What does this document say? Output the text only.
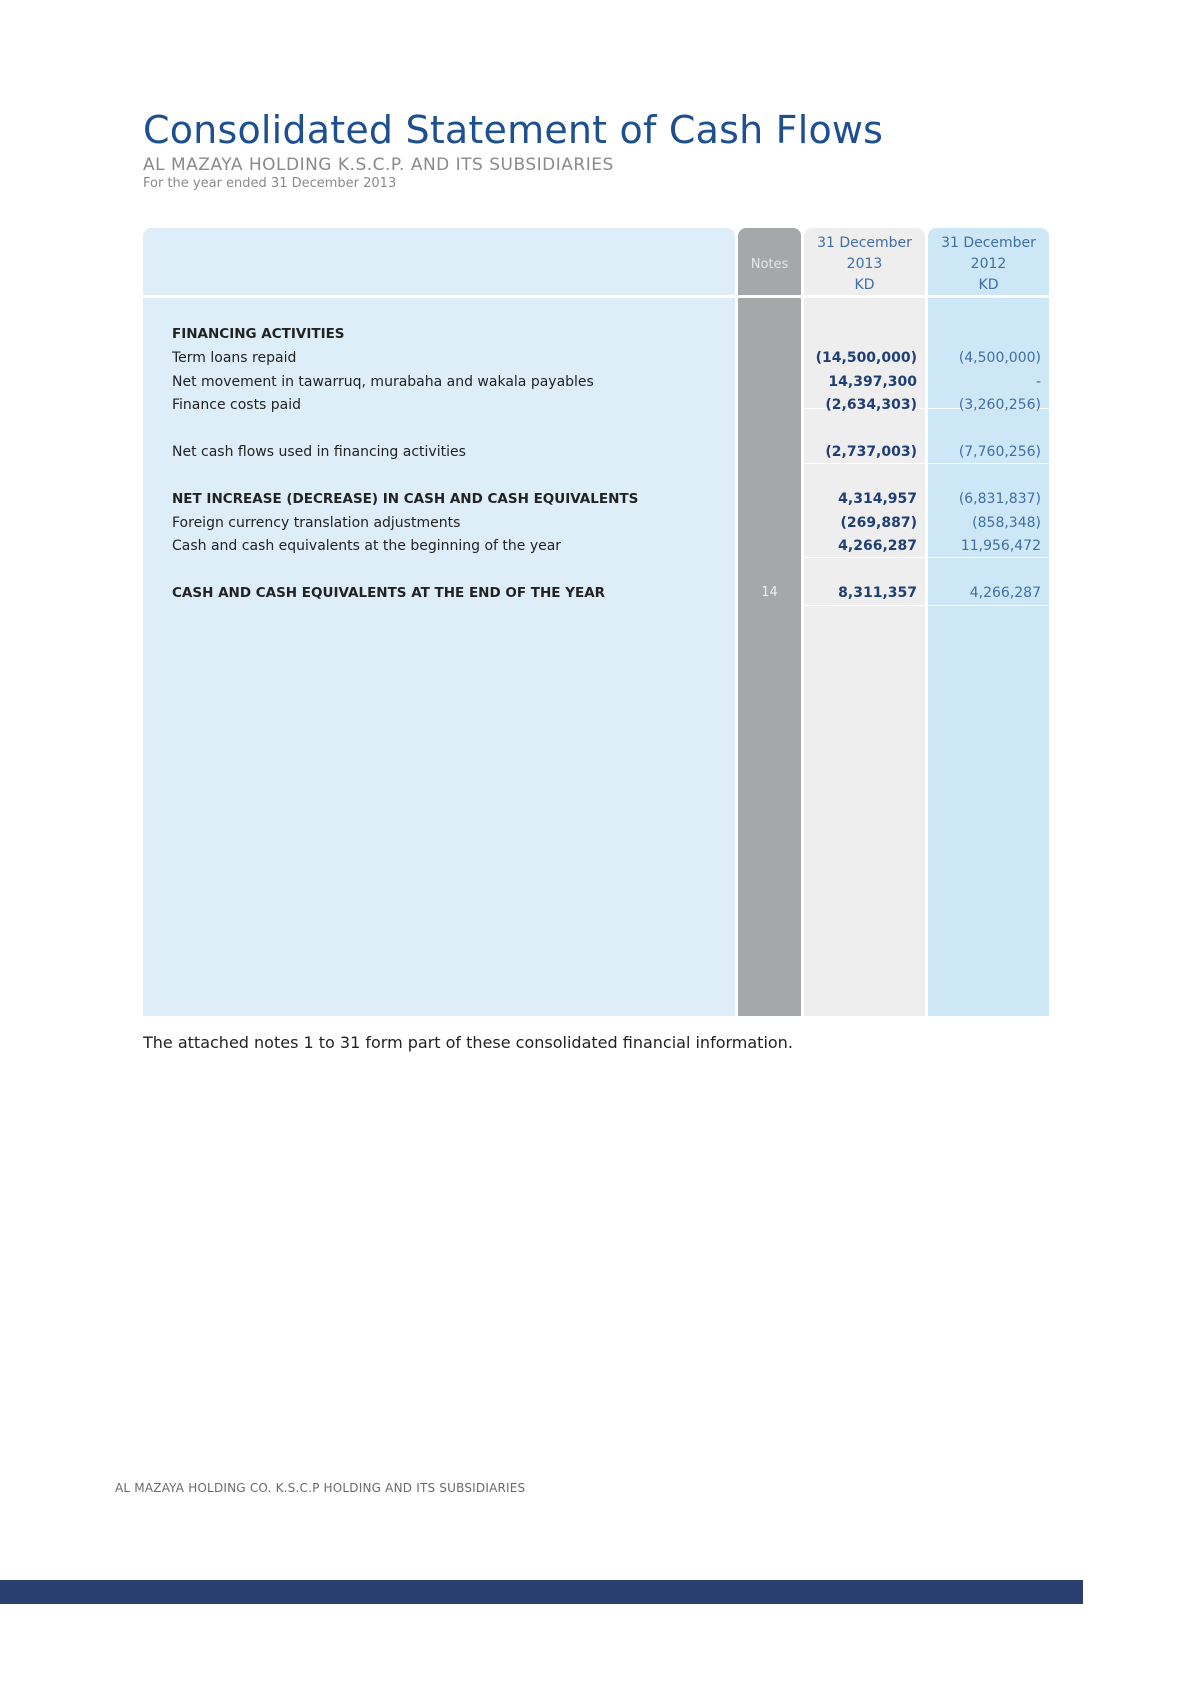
Consolidated Statement of Cash Flows
AL MAZAYA HOLDING K.S.C.P. AND ITS SUBSIDIARIES
For the year ended 31 December 2013
Notes
31 December
2013
KD
31 December
2012
KD
FINANCING ACTIVITIES
Term loans repaid	(14,500,000)	(4,500,000)
Net movement in tawarruq, murabaha and wakala payables	14,397,300	-
Finance costs paid	(2,634,303)	(3,260,256)
Net cash flows used in financing activities	(2,737,003)	(7,760,256)
NET INCREASE (DECREASE) IN CASH AND CASH EQUIVALENTS	4,314,957	(6,831,837)
Foreign currency translation adjustments	(269,887)	(858,348)
Cash and cash equivalents at the beginning of the year	4,266,287	11,956,472
CASH AND CASH EQUIVALENTS AT THE END OF THE YEAR	14	8,311,357	4,266,287
The attached notes 1 to 31 form part of these consolidated financial information.
AL MAZAYA HOLDING CO. K.S.C.P HOLDING AND ITS SUBSIDIARIES
